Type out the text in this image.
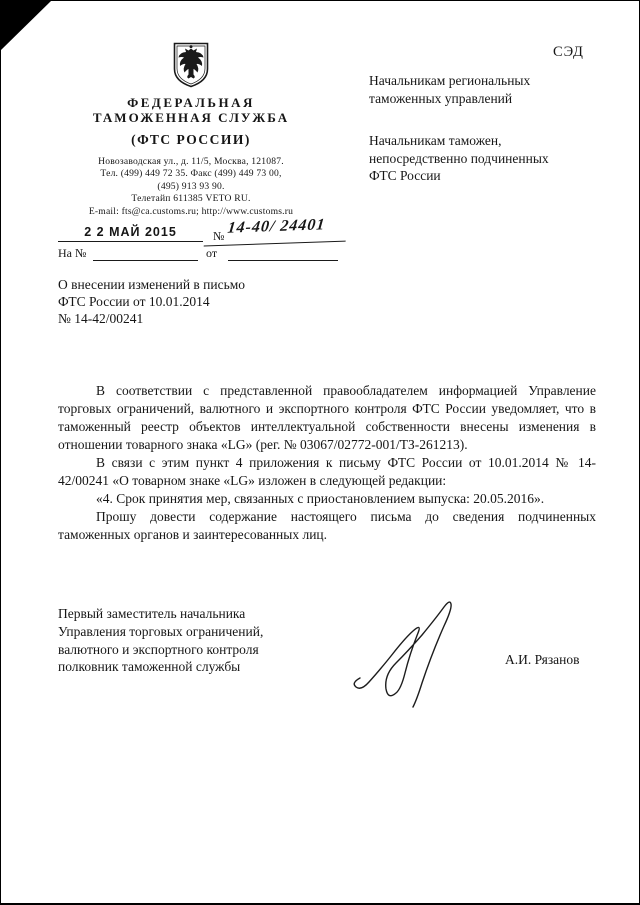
СЭД
ФЕДЕРАЛЬНАЯ
ТАМОЖЕННАЯ СЛУЖБА
(ФТС РОССИИ)
Новозаводская ул., д. 11/5, Москва, 121087.
Тел. (499) 449 72 35. Факс (499) 449 73 00,
(495) 913 93 90.
Телетайп 611385 VETO RU.
E-mail: fts@ca.customs.ru; http://www.customs.ru
2 2 МАЙ 2015	№ 14-40/ 24401
На №	от
Начальникам региональных
таможенных управлений
Начальникам таможен,
непосредственно подчиненных
ФТС России
О внесении изменений в письмо
ФТС России от 10.01.2014
№ 14-42/00241

В соответствии с представленной правообладателем информацией Управление торговых ограничений, валютного и экспортного контроля ФТС России уведомляет, что в таможенный реестр объектов интеллектуальной собственности внесены изменения в отношении товарного знака «LG» (рег. № 03067/02772-001/ТЗ-261213).

В связи с этим пункт 4 приложения к письму ФТС России от 10.01.2014 № 14-42/00241 «О товарном знаке «LG» изложен в следующей редакции:

«4. Срок принятия мер, связанных с приостановлением выпуска: 20.05.2016».

Прошу довести содержание настоящего письма до сведения подчиненных таможенных органов и заинтересованных лиц.

Первый заместитель начальника
Управления торговых ограничений,
валютного и экспортного контроля
полковник таможенной службы	А.И. Рязанов
